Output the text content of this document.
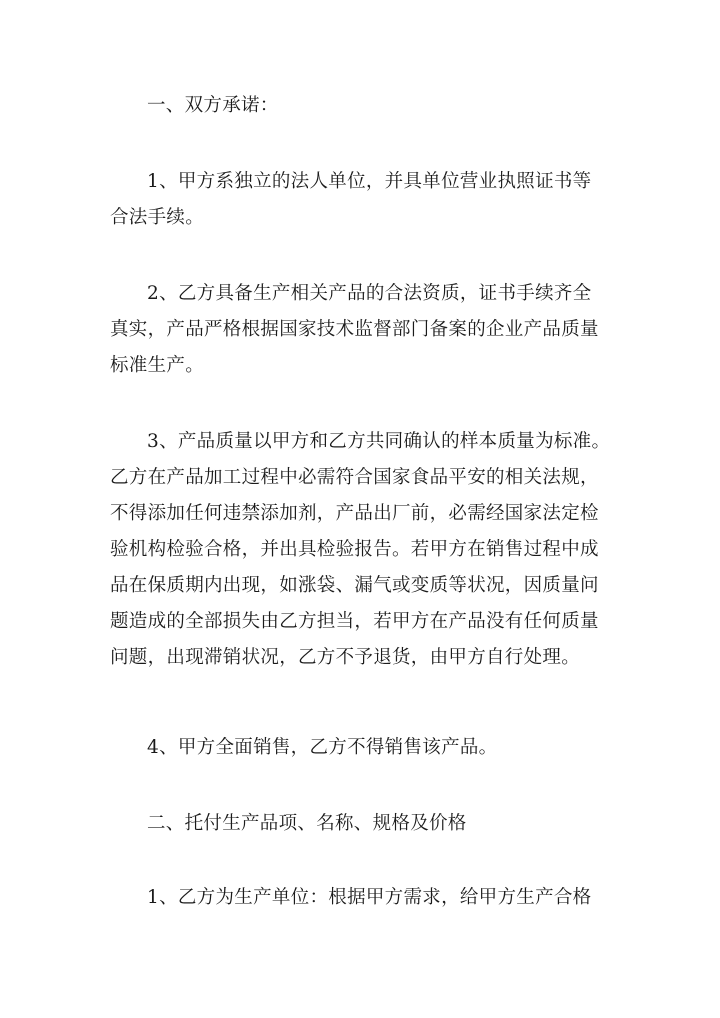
一、双方承诺：
1、甲方系独立的法人单位，并具单位营业执照证书等
合法手续。
2、乙方具备生产相关产品的合法资质，证书手续齐全
真实，产品严格根据国家技术监督部门备案的企业产品质量
标准生产。
3、产品质量以甲方和乙方共同确认的样本质量为标准。
乙方在产品加工过程中必需符合国家食品平安的相关法规，
不得添加任何违禁添加剂，产品出厂前，必需经国家法定检
验机构检验合格，并出具检验报告。若甲方在销售过程中成
品在保质期内出现，如涨袋、漏气或变质等状况，因质量问
题造成的全部损失由乙方担当，若甲方在产品没有任何质量
问题，出现滞销状况，乙方不予退货，由甲方自行处理。
4、甲方全面销售，乙方不得销售该产品。
二、托付生产品项、名称、规格及价格
1、乙方为生产单位：根据甲方需求，给甲方生产合格
